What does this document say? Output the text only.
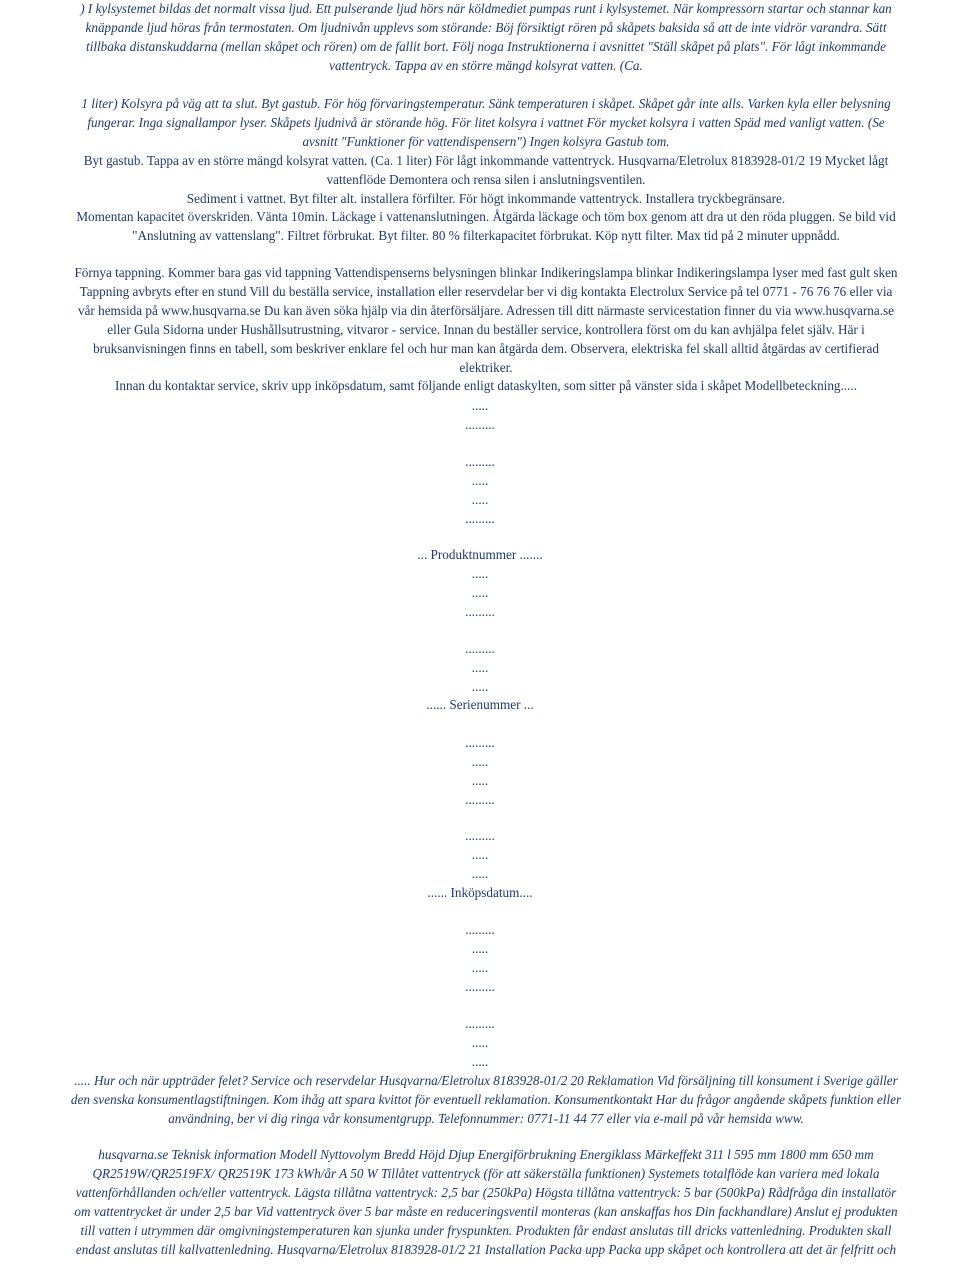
) I kylsystemet bildas det normalt vissa ljud. Ett pulserande ljud hörs när köldmediet pumpas runt i kylsystemet. När kompressorn startar och stannar kan
knäppande ljud höras från termostaten. Om ljudnivån upplevs som störande: Böj försiktigt rören på skåpets baksida så att de inte vidrör varandra. Sätt
tillbaka distanskuddarna (mellan skåpet och rören) om de fallit bort. Följ noga Instruktionerna i avsnittet "Ställ skåpet på plats". För lågt inkommande
vattentryck. Tappa av en större mängd kolsyrat vatten. (Ca.
1 liter) Kolsyra på väg att ta slut. Byt gastub. För hög förvaringstemperatur. Sänk temperaturen i skåpet. Skåpet går inte alls. Varken kyla eller belysning
fungerar. Inga signallampor lyser. Skåpets ljudnivå är störande hög. För litet kolsyra i vattnet För mycket kolsyra i vatten Späd med vanligt vatten. (Se
avsnitt "Funktioner för vattendispensern") Ingen kolsyra Gastub tom.
Byt gastub. Tappa av en större mängd kolsyrat vatten. (Ca. 1 liter) För lågt inkommande vattentryck. Husqvarna/Eletrolux 8183928-01/2 19 Mycket lågt
vattenflöde Demontera och rensa silen i anslutningsventilen.
Sediment i vattnet. Byt filter alt. installera förfilter. För högt inkommande vattentryck. Installera tryckbegränsare.
Momentan kapacitet överskriden. Vänta 10min. Läckage i vattenanslutningen. Åtgärda läckage och töm box genom att dra ut den röda pluggen. Se bild vid
"Anslutning av vattenslang". Filtret förbrukat. Byt filter. 80 % filterkapacitet förbrukat. Köp nytt filter. Max tid på 2 minuter uppnådd.
Förnya tappning. Kommer bara gas vid tappning Vattendispenserns belysningen blinkar Indikeringslampa blinkar Indikeringslampa lyser med fast gult sken
Tappning avbryts efter en stund Vill du beställa service, installation eller reservdelar ber vi dig kontakta Electrolux Service på tel 0771 - 76 76 76 eller via
vår hemsida på www.husqvarna.se Du kan även söka hjälp via din återförsäljare. Adressen till ditt närmaste servicestation finner du via www.husqvarna.se
eller Gula Sidorna under Hushållsutrustning, vitvaror - service. Innan du beställer service, kontrollera först om du kan avhjälpa felet själv. Här i
bruksanvisningen finns en tabell, som beskriver enklare fel och hur man kan åtgärda dem. Observera, elektriska fel skall alltid åtgärdas av certifierad
elektriker.
Innan du kontaktar service, skriv upp inköpsdatum, samt följande enligt dataskylten, som sitter på vänster sida i skåpet Modellbeteckning.....
.....
.........
.........
.....
.....
.........
... Produktnummer .......
.....
.....
.........
.........
.....
.....
...... Serienummer ...
.........
.....
.....
.........
.........
.....
.....
...... Inköpsdatum....
.........
.....
.....
.........
.........
.....
.....
..... Hur och när uppträder felet? Service och reservdelar Husqvarna/Eletrolux 8183928-01/2 20 Reklamation Vid försäljning till konsument i Sverige gäller
den svenska konsumentlagstiftningen. Kom ihåg att spara kvittot för eventuell reklamation. Konsumentkontakt Har du frågor angående skåpets funktion eller
användning, ber vi dig ringa vår konsumentgrupp. Telefonnummer: 0771-11 44 77 eller via e-mail på vår hemsida www.
husqvarna.se Teknisk information Modell Nyttovolym Bredd Höjd Djup Energiförbrukning Energiklass Märkeffekt 311 l 595 mm 1800 mm 650 mm
QR2519W/QR2519FX/ QR2519K 173 kWh/år A 50 W Tillåtet vattentryck (för att säkerställa funktionen) Systemets totalflöde kan variera med lokala
vattenförhållanden och/eller vattentryck. Lägsta tillåtna vattentryck: 2,5 bar (250kPa) Högsta tillåtna vattentryck: 5 bar (500kPa) Rådfråga din installatör
om vattentrycket är under 2,5 bar Vid vattentryck över 5 bar måste en reduceringsventil monteras (kan anskaffas hos Din fackhandlare) Anslut ej produkten
till vatten i utrymmen där omgivningstemperaturen kan sjunka under fryspunkten. Produkten får endast anslutas till dricks vattenledning. Produkten skall
endast anslutas till kallvattenledning. Husqvarna/Eletrolux 8183928-01/2 21 Installation Packa upp Packa upp skåpet och kontrollera att det är felfritt och
